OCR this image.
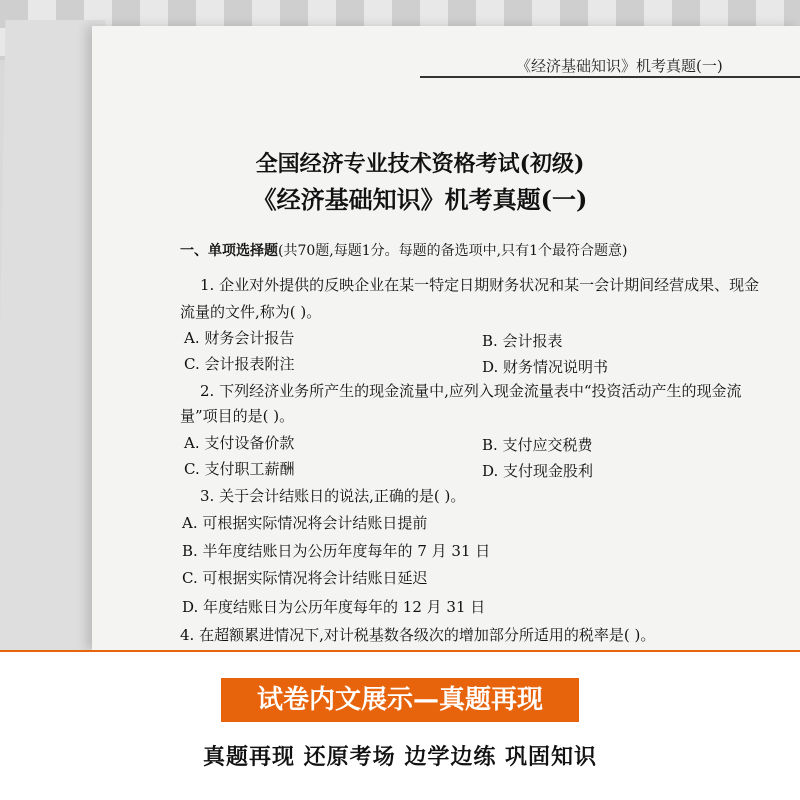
《经济基础知识》机考真题(一)
全国经济专业技术资格考试(初级)
《经济基础知识》机考真题(一)
一、单项选择题(共70题,每题1分。每题的备选项中,只有1个最符合题意)
1. 企业对外提供的反映企业在某一特定日期财务状况和某一会计期间经营成果、现金
流量的文件,称为( )。
A. 财务会计报告	B. 会计报表
C. 会计报表附注	D. 财务情况说明书
2. 下列经济业务所产生的现金流量中,应列入现金流量表中“投资活动产生的现金流
量”项目的是( )。
A. 支付设备价款	B. 支付应交税费
C. 支付职工薪酬	D. 支付现金股利
3. 关于会计结账日的说法,正确的是( )。
A. 可根据实际情况将会计结账日提前
B. 半年度结账日为公历年度每年的 7 月 31 日
C. 可根据实际情况将会计结账日延迟
D. 年度结账日为公历年度每年的 12 月 31 日
4. 在超额累进情况下,对计税基数各级次的增加部分所适用的税率是( )。
试卷内文展示—真题再现
真题再现 还原考场 边学边练 巩固知识
